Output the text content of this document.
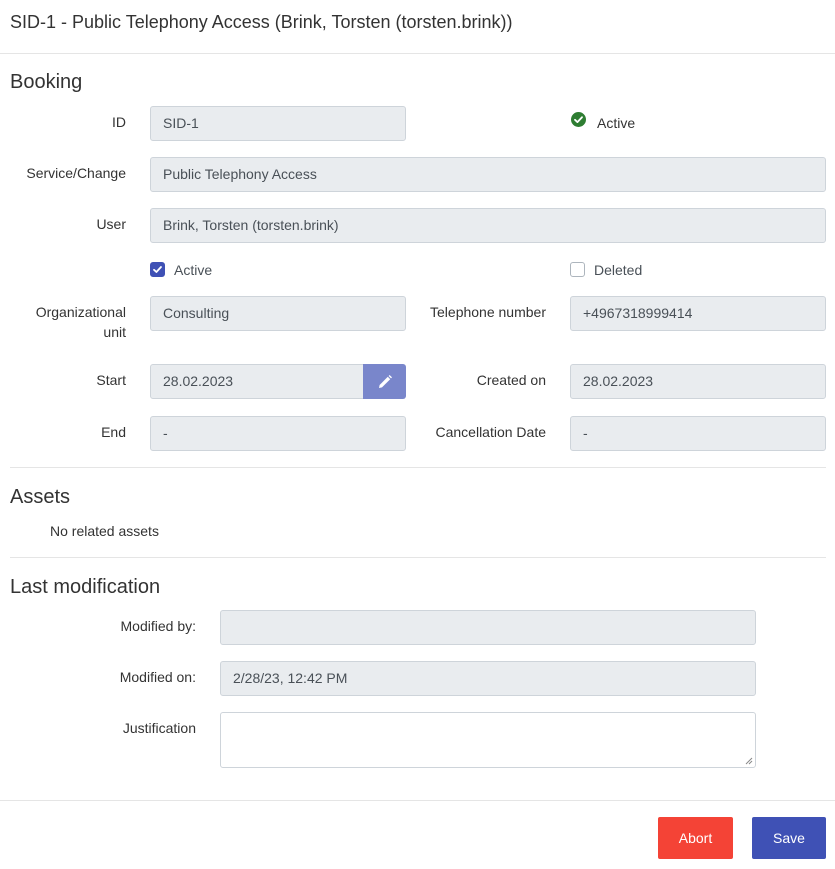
SID-1 - Public Telephony Access (Brink, Torsten (torsten.brink))
Booking
ID	SID-1	Active
Service/Change	Public Telephony Access
User	Brink, Torsten (torsten.brink)
Active	Deleted
Organizational
unit
Consulting	Telephone number	+4967318999414
Start	28.02.2023	Created on	28.02.2023
End	-	Cancellation Date	-
Assets
No related assets
Last modification
Modified by:
Modified on:	2/28/23, 12:42 PM
Justification
Abort	Save
